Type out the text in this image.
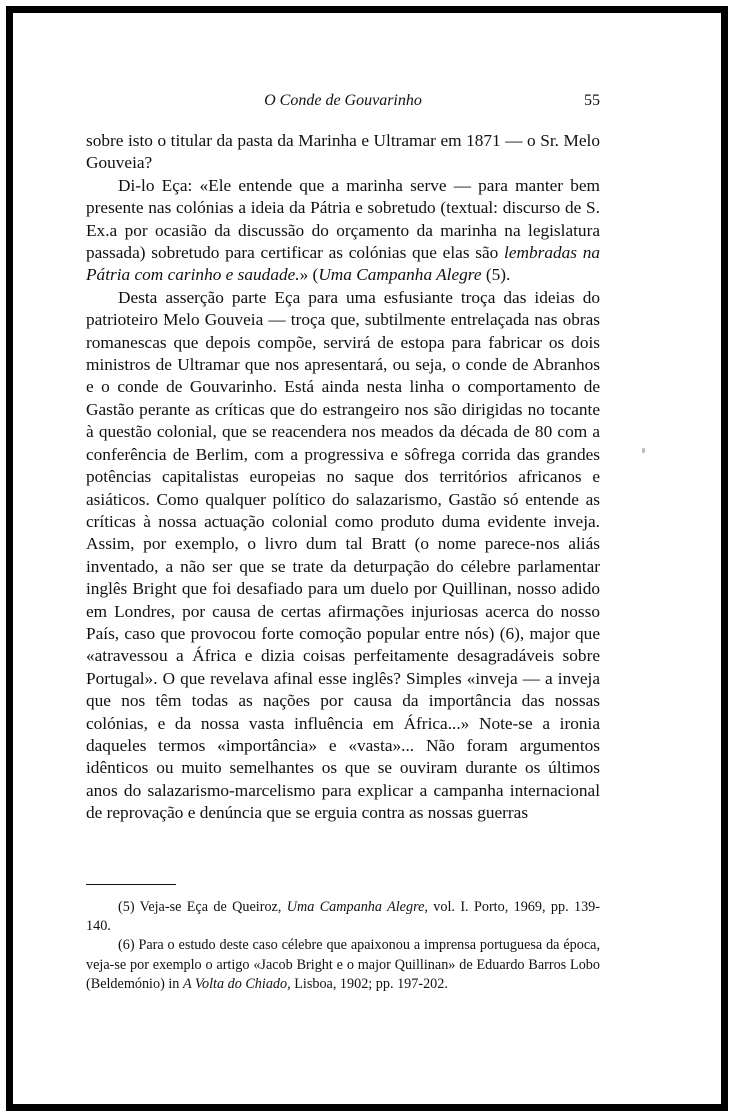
O Conde de Gouvarinho	55

sobre isto o titular da pasta da Marinha e Ultramar em 1871 — o Sr. Melo Gouveia?

Di-lo Eça: «Ele entende que a marinha serve — para manter bem presente nas colónias a ideia da Pátria e sobretudo (textual: discurso de S. Ex.a por ocasião da discussão do orçamento da marinha na legislatura passada) sobretudo para certificar as colónias que elas são lembradas na Pátria com carinho e saudade.» (Uma Campanha Alegre (5).

Desta asserção parte Eça para uma esfusiante troça das ideias do patrioteiro Melo Gouveia — troça que, subtilmente entrelaçada nas obras romanescas que depois compõe, servirá de estopa para fabricar os dois ministros de Ultramar que nos apresentará, ou seja, o conde de Abranhos e o conde de Gouvarinho. Está ainda nesta linha o comportamento de Gastão perante as críticas que do estrangeiro nos são dirigidas no tocante à questão colonial, que se reacendera nos meados da década de 80 com a conferência de Berlim, com a progressiva e sôfrega corrida das grandes potências capitalistas europeias no saque dos territórios africanos e asiáticos. Como qualquer político do salazarismo, Gastão só entende as críticas à nossa actuação colonial como produto duma evidente inveja. Assim, por exemplo, o livro dum tal Bratt (o nome parece-nos aliás inventado, a não ser que se trate da deturpação do célebre parlamentar inglês Bright que foi desafiado para um duelo por Quillinan, nosso adido em Londres, por causa de certas afirmações injuriosas acerca do nosso País, caso que provocou forte comoção popular entre nós) (6), major que «atravessou a África e dizia coisas perfeitamente desagradáveis sobre Portugal». O que revelava afinal esse inglês? Simples «inveja — a inveja que nos têm todas as nações por causa da importância das nossas colónias, e da nossa vasta influência em África...» Note-se a ironia daqueles termos «importância» e «vasta»... Não foram argumentos idênticos ou muito semelhantes os que se ouviram durante os últimos anos do salazarismo-marcelismo para explicar a campanha internacional de reprovação e denúncia que se erguia contra as nossas guerras

(5) Veja-se Eça de Queiroz, Uma Campanha Alegre, vol. I. Porto, 1969, pp. 139-140.

(6) Para o estudo deste caso célebre que apaixonou a imprensa portuguesa da época, veja-se por exemplo o artigo «Jacob Bright e o major Quillinan» de Eduardo Barros Lobo (Beldemónio) in A Volta do Chiado, Lisboa, 1902; pp. 197-202.
